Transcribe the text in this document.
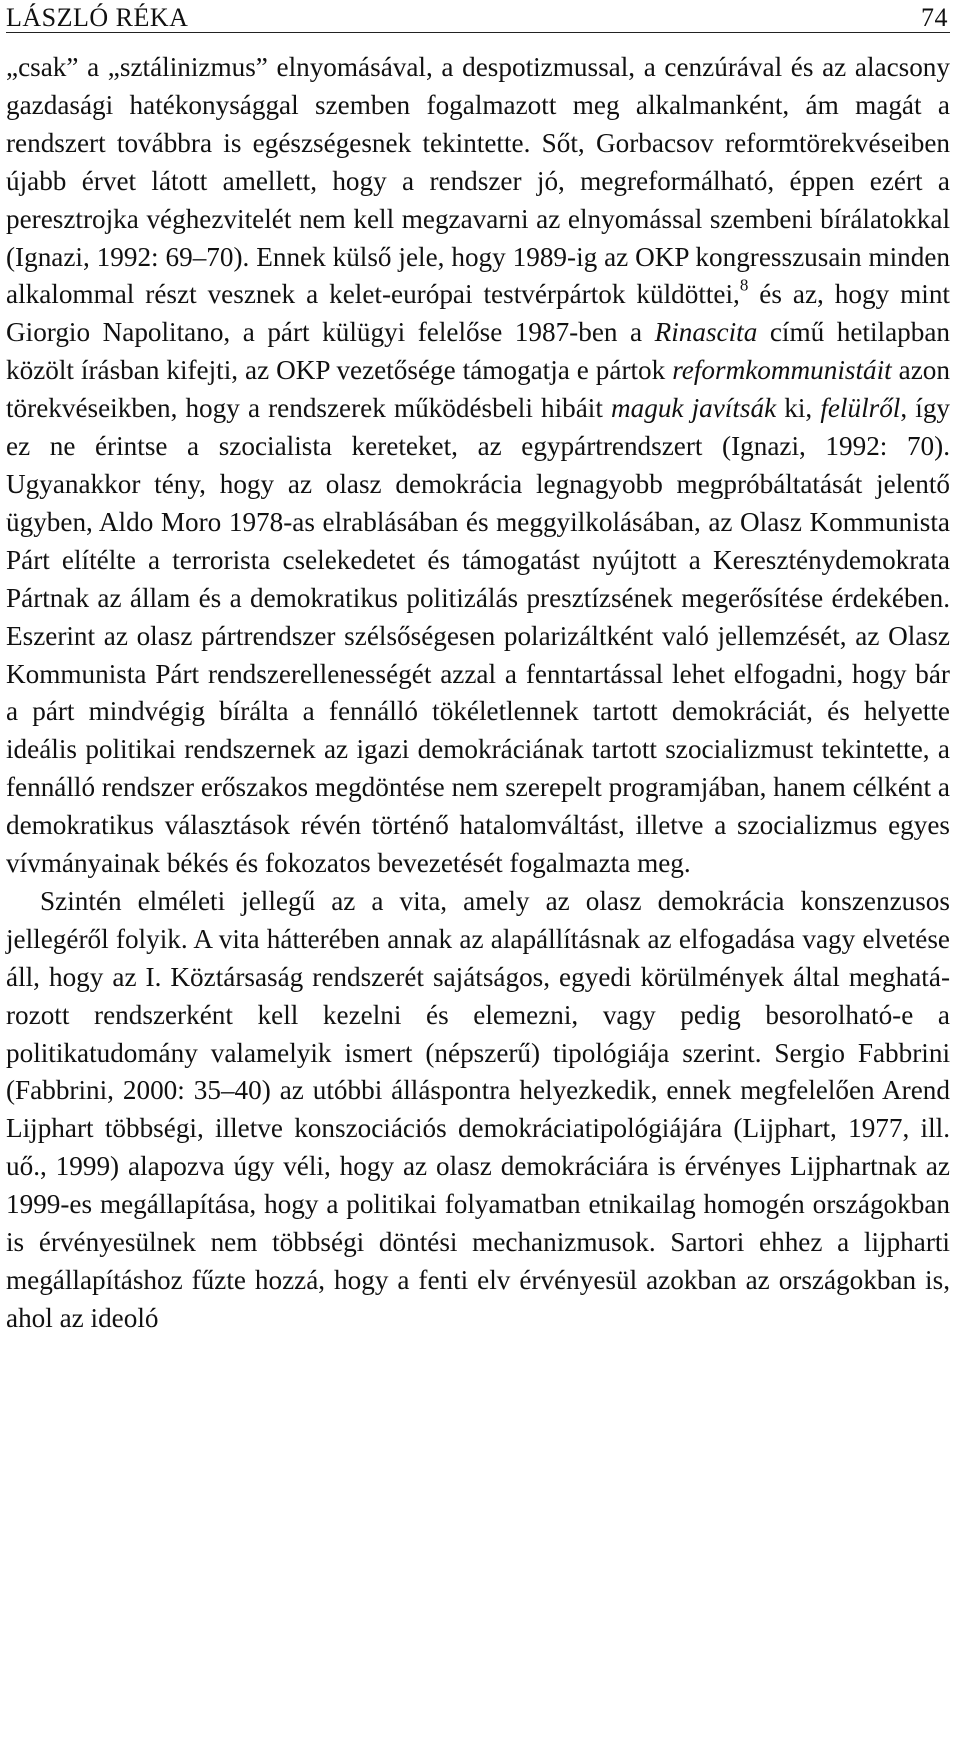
LÁSZLÓ RÉKA	74

„csak” a „sztálinizmus” elnyomásával, a despotizmussal, a cenzúrával és az alacsony gazdasági hatékonysággal szemben fogalmazott meg alkalmanként, ám magát a rendszert továbbra is egészségesnek tekintette. Sőt, Gorbacsov reformtörekvéseiben újabb érvet látott amellett, hogy a rendszer jó, megreformálható, éppen ezért a peresztrojka véghezvitelét nem kell megzavarni az elnyomással szembeni bírálatokkal (Ignazi, 1992: 69–70). Ennek külső jele, hogy 1989-ig az OKP kongresszusain minden alkalommal részt vesznek a kelet-európai testvérpártok küldöttei,$^8$ és az, hogy mint Giorgio Napolitano, a párt külügyi felelőse 1987-ben a Rinascita című hetilapban közölt írásban kifejti, az OKP vezetősége támogatja e pártok reformkommunistáit azon törekvéseikben, hogy a rendszerek működésbeli hibáit maguk javítsák ki, felülről, így ez ne érintse a szocialista kereteket, az egypártrendszert (Ignazi, 1992: 70). Ugyanakkor tény, hogy az olasz demokrácia legnagyobb megpróbáltatását jelentő ügyben, Aldo Moro 1978-as elrablásában és meggyilkolásában, az Olasz Kommunista Párt elítélte a terrorista cselekedetet és támogatást nyújtott a Kereszténydemokrata Pártnak az állam és a demokratikus politizálás presztízsének megerősítése érdekében. Eszerint az olasz pártrendszer szélsőségesen polarizáltként való jellemzését, az Olasz Kommunista Párt rendszerellenességét azzal a fenntartással lehet elfogadni, hogy bár a párt mindvégig bírálta a fennálló tökéletlennek tartott demokráciát, és helyette ideális politikai rendszernek az igazi demokráciának tartott szocializmust tekintette, a fennálló rendszer erőszakos megdöntése nem szerepelt programjában, hanem célként a demokratikus választások révén történő hatalomváltást, illetve a szocializmus egyes vívmányainak békés és fokozatos bevezetését fogalmazta meg.

Szintén elméleti jellegű az a vita, amely az olasz demokrácia konszenzusos jellegéről folyik. A vita hátterében annak az alapállításnak az elfogadása vagy elvetése áll, hogy az I. Köztársaság rendszerét sajátságos, egyedi körülmények által meghatározott rendszerként kell kezelni és elemezni, vagy pedig besorolható-e a politikatudomány valamelyik ismert (népszerű) tipológiája szerint. Sergio Fabbrini (Fabbrini, 2000: 35–40) az utóbbi álláspontra helyezkedik, ennek megfelelően Arend Lijphart többségi, illetve konszociációs demokráciatipológiájára (Lijphart, 1977, ill. uő., 1999) alapozva úgy véli, hogy az olasz demokráciára is érvényes Lijphartnak az 1999-es megállapítása, hogy a politikai folyamatban etnikailag homogén országokban is érvényesülnek nem többségi döntési mechanizmusok. Sartori ehhez a lijpharti megállapításhoz fűzte hozzá, hogy a fenti elv érvényesül azokban az országokban is, ahol az ideoló
